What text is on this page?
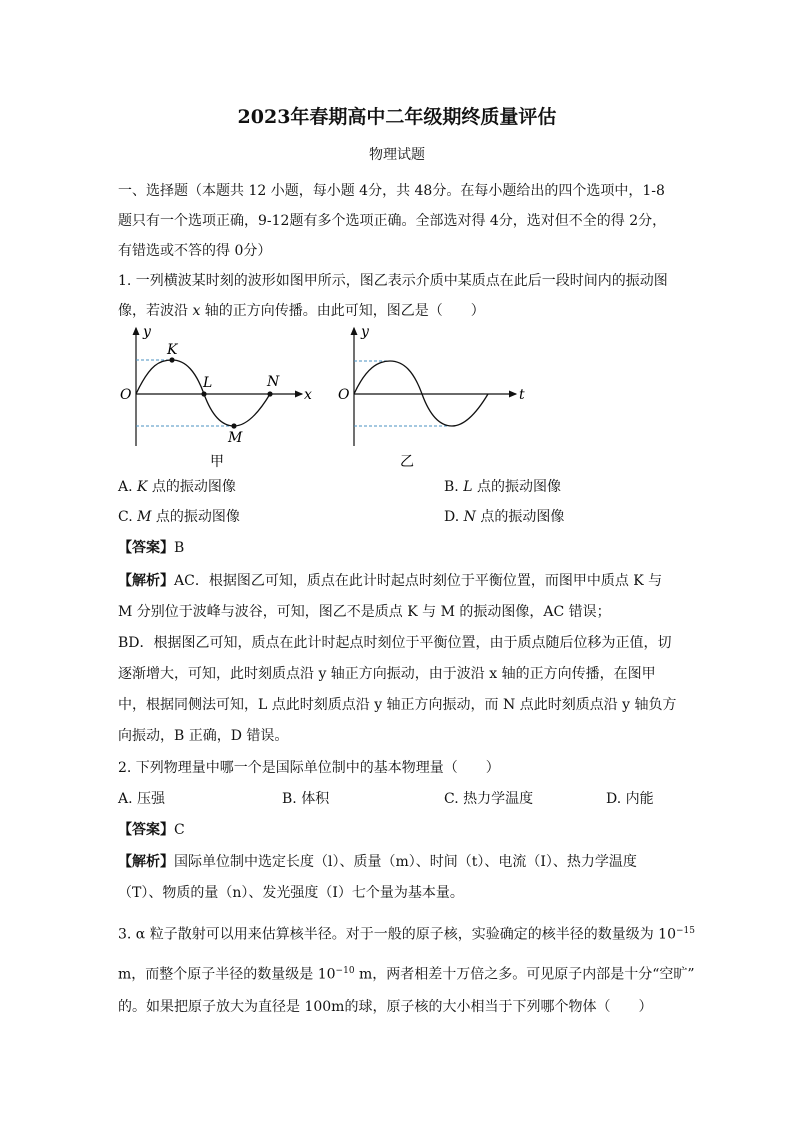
2023年春期高中二年级期终质量评估
物理试题
一、选择题（本题共 12 小题，每小题 4分，共 48分。在每小题给出的四个选项中，1-8
题只有一个选项正确，9-12题有多个选项正确。全部选对得 4分，选对但不全的得 2分，
有错选或不答的得 0分）
1. 一列横波某时刻的波形如图甲所示，图乙表示介质中某质点在此后一段时间内的振动图
像，若波沿 x 轴的正方向传播。由此可知，图乙是（　　）
y
x
O
K
L
M
N
甲
y
t
O
乙
A. K 点的振动图像	B. L 点的振动图像
C. M 点的振动图像	D. N 点的振动图像
【答案】B
【解析】AC．根据图乙可知，质点在此计时起点时刻位于平衡位置，而图甲中质点 K 与
M 分别位于波峰与波谷，可知，图乙不是质点 K 与 M 的振动图像，AC 错误；
BD．根据图乙可知，质点在此计时起点时刻位于平衡位置，由于质点随后位移为正值，切
逐渐增大，可知，此时刻质点沿 y 轴正方向振动，由于波沿 x 轴的正方向传播，在图甲
中，根据同侧法可知，L 点此时刻质点沿 y 轴正方向振动，而 N 点此时刻质点沿 y 轴负方
向振动，B 正确，D 错误。
2. 下列物理量中哪一个是国际单位制中的基本物理量（　　）
A. 压强	B. 体积	C. 热力学温度	D. 内能
【答案】C
【解析】国际单位制中选定长度（l）、质量（m）、时间（t）、电流（I）、热力学温度
（T）、物质的量（n）、发光强度（I）七个量为基本量。
3. α 粒子散射可以用来估算核半径。对于一般的原子核，实验确定的核半径的数量级为 $10^{-15}$
m，而整个原子半径的数量级是 $10^{-10}$ m，两者相差十万倍之多。可见原子内部是十分“空旷”
的。如果把原子放大为直径是 100m的球，原子核的大小相当于下列哪个物体（　　）
